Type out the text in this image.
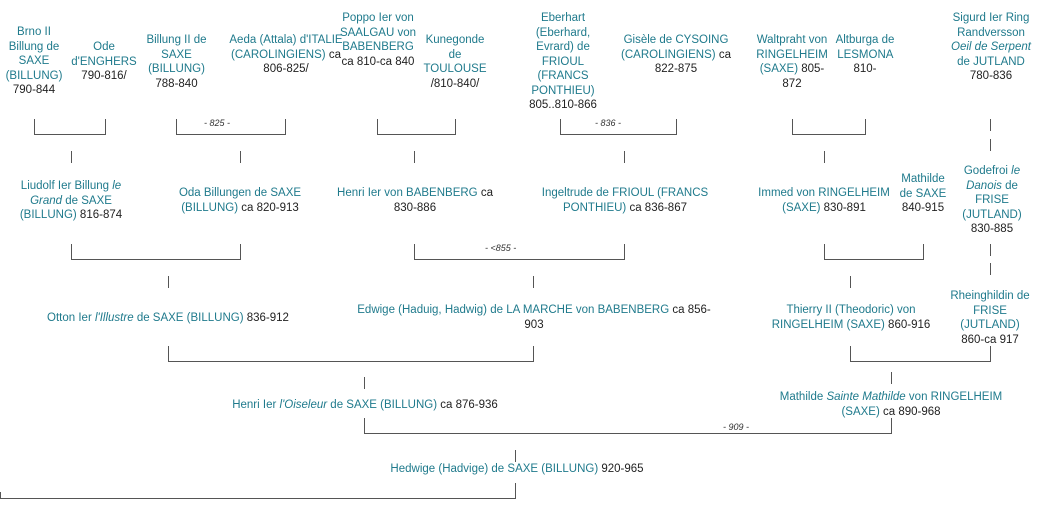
Brno II Billung de SAXE (BILLUNG) 790-844
Ode d'ENGHERS 790-816/
Billung II de SAXE (BILLUNG) 788-840
Aeda (Attala) d'ITALIE (CAROLINGIENS) ca 806-825/
Poppo Ier von SAALGAU von BABENBERG ca 810-ca 840
Kunegonde de TOULOUSE /810-840/
Eberhart (Eberhard, Evrard) de FRIOUL (FRANCS PONTHIEU) 805..810-866
Gisèle de CYSOING (CAROLINGIENS) ca 822-875
Waltpraht von RINGELHEIM (SAXE) 805-872
Altburga de LESMONA 810-
Sigurd Ier Ring Randversson Oeil de Serpent de JUTLAND 780-836
- 825 -	- 836 -
Liudolf Ier Billung le Grand de SAXE (BILLUNG) 816-874
Oda Billungen de SAXE (BILLUNG) ca 820-913
Henri Ier von BABENBERG ca 830-886
Ingeltrude de FRIOUL (FRANCS PONTHIEU) ca 836-867
Immed von RINGELHEIM (SAXE) 830-891
Mathilde de SAXE 840-915
Godefroi le Danois de FRISE (JUTLAND) 830-885
- <855 -
Otton Ier l'Illustre de SAXE (BILLUNG) 836-912
Edwige (Haduig, Hadwig) de LA MARCHE von BABENBERG ca 856-903
Thierry II (Theodoric) von RINGELHEIM (SAXE) 860-916
Rheinghildin de FRISE (JUTLAND) 860-ca 917
Henri Ier l'Oiseleur de SAXE (BILLUNG) ca 876-936
Mathilde Sainte Mathilde von RINGELHEIM (SAXE) ca 890-968
- 909 -
Hedwige (Hadvige) de SAXE (BILLUNG) 920-965
